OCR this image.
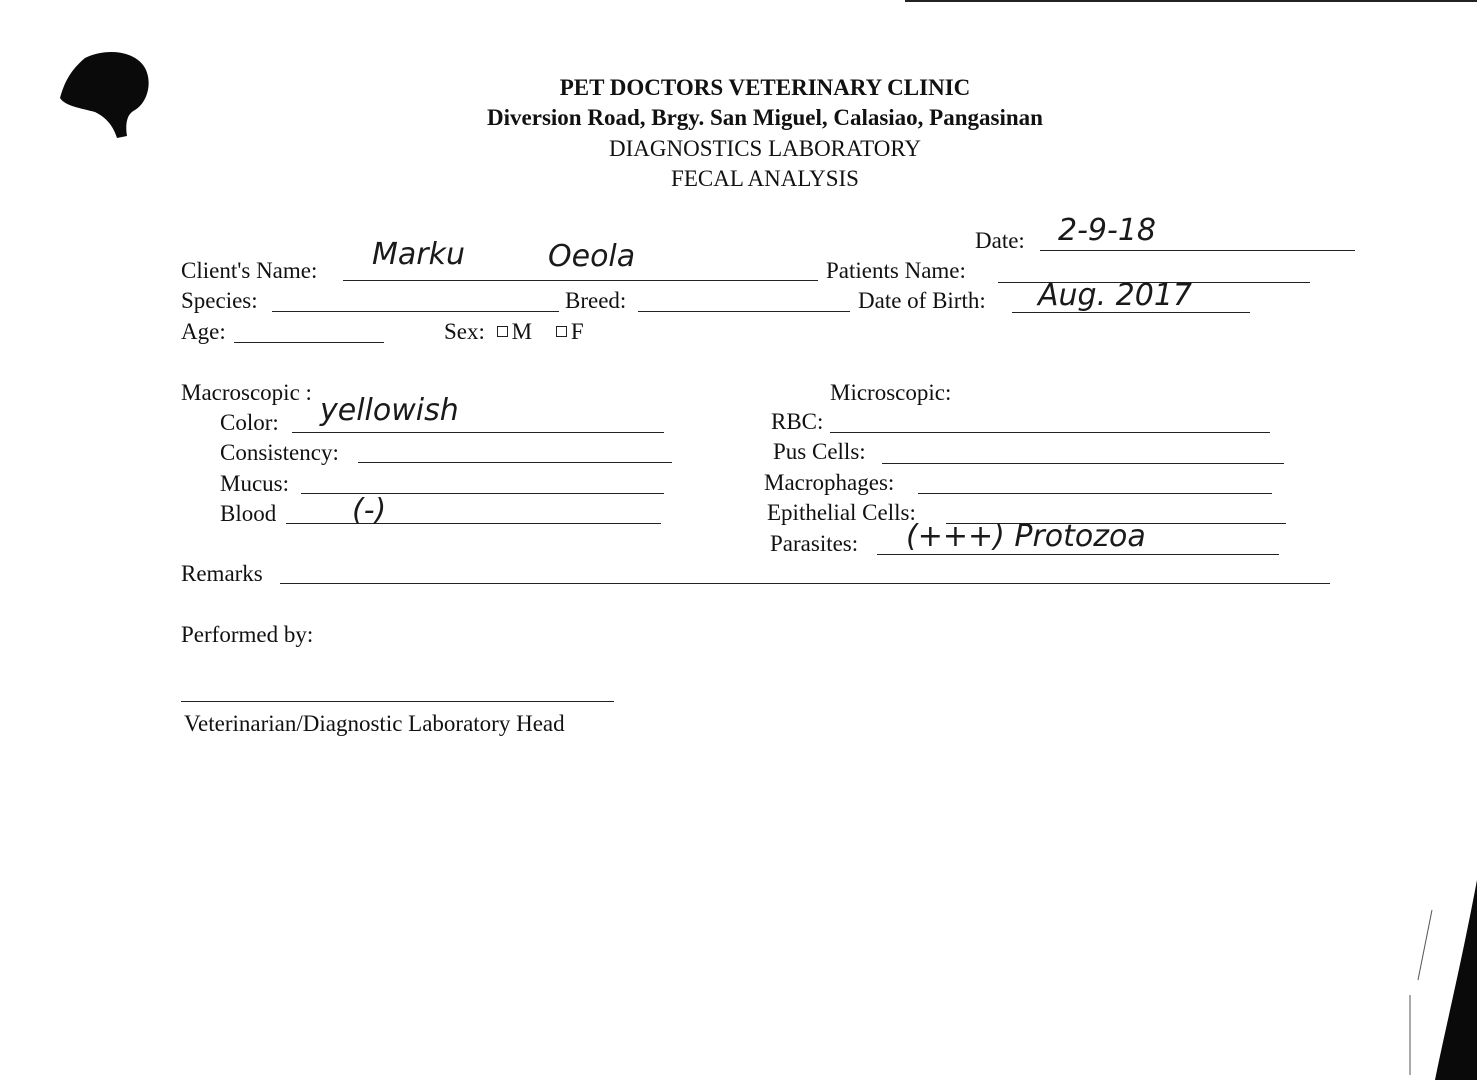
PET DOCTORS VETERINARY CLINIC
Diversion Road, Brgy. San Miguel, Calasiao, Pangasinan
DIAGNOSTICS LABORATORY
FECAL ANALYSIS
Date: 2-9-18
Client's Name: Marku	Oeola	Patients Name:
Species:	Breed:	Date of Birth: Aug. 2017
Age:	Sex: M F
Macroscopic :
Color: yellowish
Consistency:
Mucus:
Blood	(-)
Microscopic:
RBC:
Pus Cells:
Macrophages:
Epithelial Cells:
Parasites: (+++) Protozoa
Remarks
Performed by:
Veterinarian/Diagnostic Laboratory Head
